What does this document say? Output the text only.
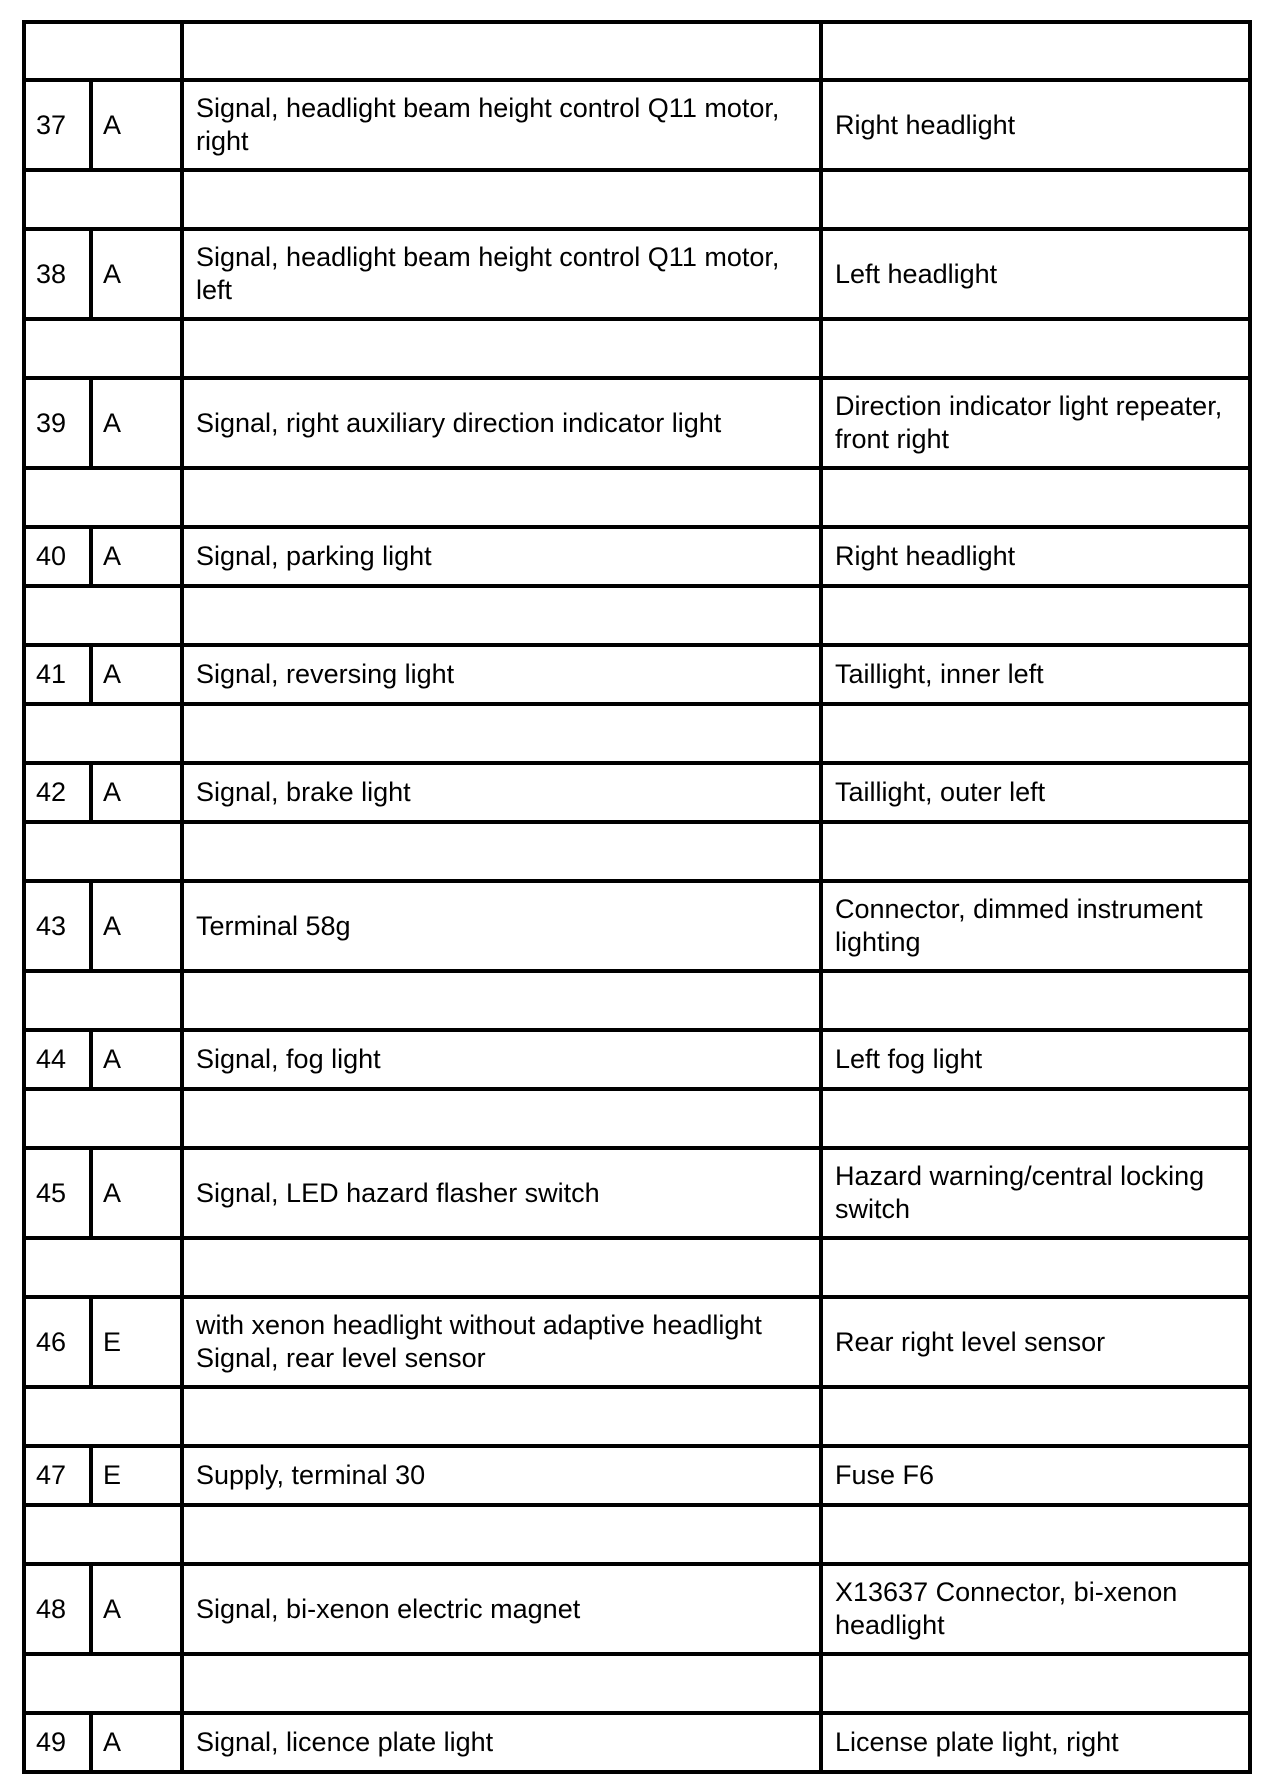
37	A	Signal, headlight beam height control Q11 motor, right	Right headlight

38	A	Signal, headlight beam height control Q11 motor, left	Left headlight

39	A	Signal, right auxiliary direction indicator light	Direction indicator light repeater, front right

40	A	Signal, parking light	Right headlight

41	A	Signal, reversing light	Taillight, inner left

42	A	Signal, brake light	Taillight, outer left

43	A	Terminal 58g	Connector, dimmed instrument lighting

44	A	Signal, fog light	Left fog light

45	A	Signal, LED hazard flasher switch	Hazard warning/central locking switch

46	E	with xenon headlight without adaptive headlight Signal, rear level sensor	Rear right level sensor

47	E	Supply, terminal 30	Fuse F6

48	A	Signal, bi-xenon electric magnet	X13637 Connector, bi-xenon headlight

49	A	Signal, licence plate light	License plate light, right
